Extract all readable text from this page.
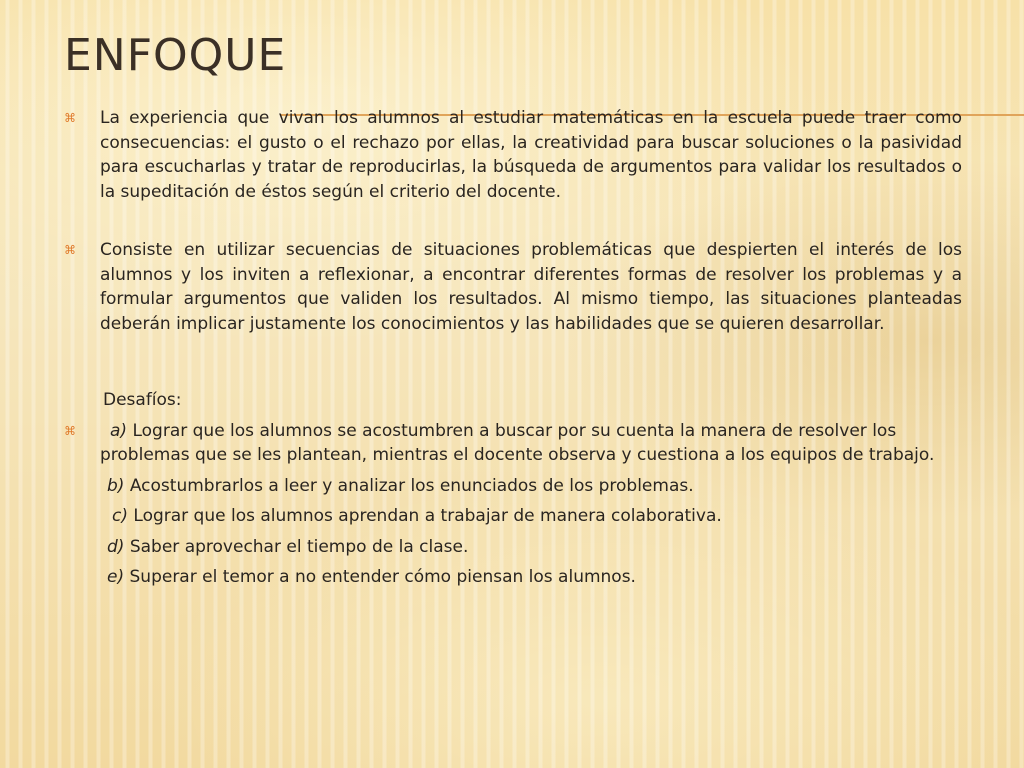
ENFOQUE

⌘ La experiencia que vivan los alumnos al estudiar matemáticas en la escuela puede traer como consecuencias: el gusto o el rechazo por ellas, la creatividad para buscar soluciones o la pasividad para escucharlas y tratar de reproducirlas, la búsqueda de argumentos para validar los resultados o la supeditación de éstos según el criterio del docente.

⌘ Consiste en utilizar secuencias de situaciones problemáticas que despierten el interés de los alumnos y los inviten a reflexionar, a encontrar diferentes formas de resolver los problemas y a formular argumentos que validen los resultados. Al mismo tiempo, las situaciones planteadas deberán implicar justamente los conocimientos y las habilidades que se quieren desarrollar.

Desafíos:
⌘ a) Lograr que los alumnos se acostumbren a buscar por su cuenta la manera de resolver los problemas que se les plantean, mientras el docente observa y cuestiona a los equipos de trabajo.
b) Acostumbrarlos a leer y analizar los enunciados de los problemas.
c) Lograr que los alumnos aprendan a trabajar de manera colaborativa.
d) Saber aprovechar el tiempo de la clase.
e) Superar el temor a no entender cómo piensan los alumnos.
